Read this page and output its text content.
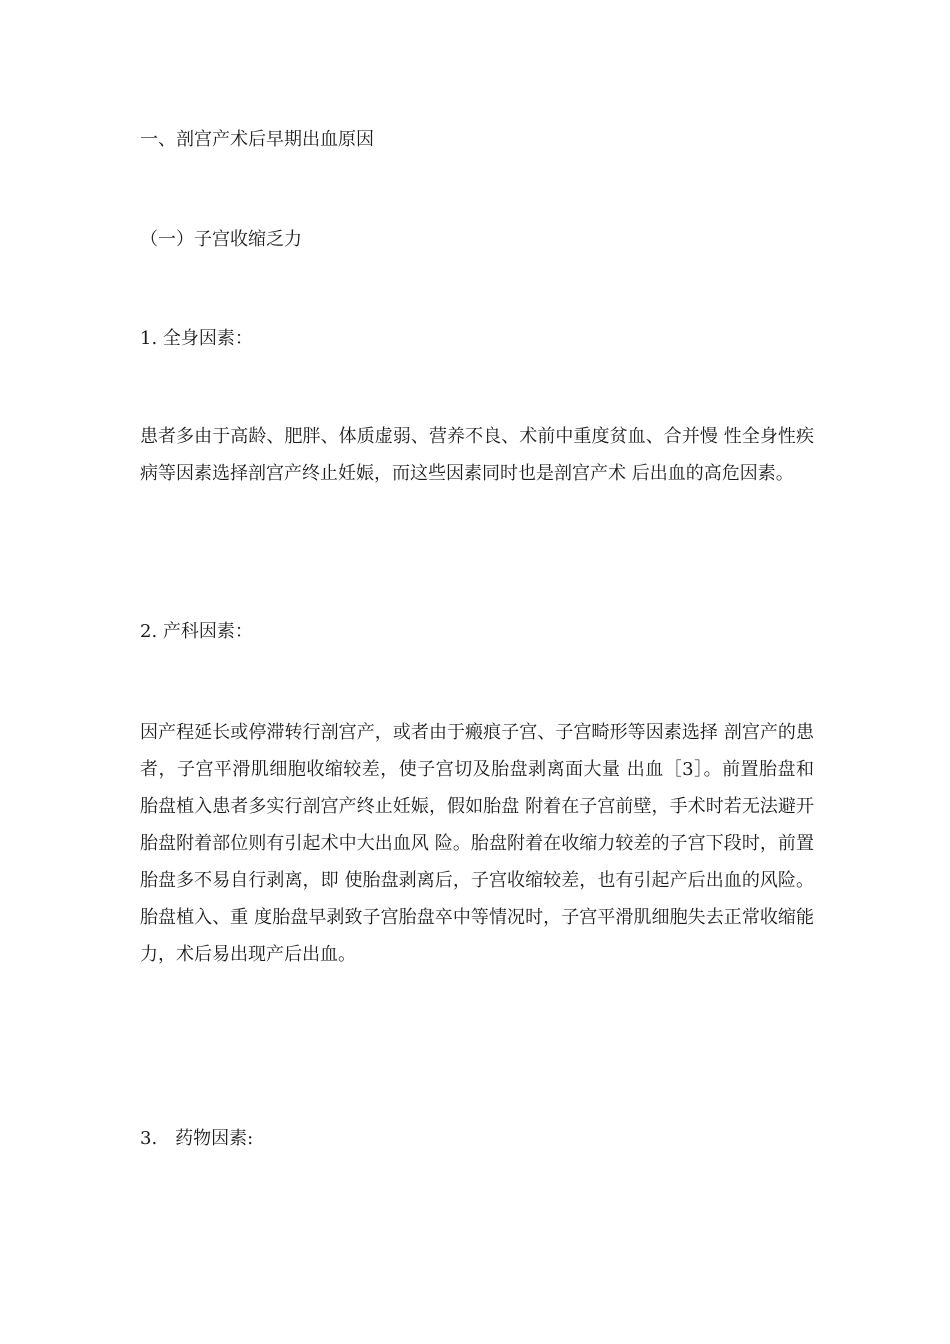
一、剖宫产术后早期出血原因
（一）子宫收缩乏力
1. 全身因素：
患者多由于高龄、肥胖、体质虚弱、营养不良、术前中重度贫血、合并慢 性全身性疾病等因素选择剖宫产终止妊娠，而这些因素同时也是剖宫产术 后出血的高危因素。
2. 产科因素：
因产程延长或停滞转行剖宫产，或者由于瘢痕子宫、子宫畸形等因素选择 剖宫产的患者，子宫平滑肌细胞收缩较差，使子宫切及胎盘剥离面大量 出血［3］。前置胎盘和胎盘植入患者多实行剖宫产终止妊娠，假如胎盘 附着在子宫前壁，手术时若无法避开胎盘附着部位则有引起术中大出血风 险。胎盘附着在收缩力较差的子宫下段时，前置胎盘多不易自行剥离，即 使胎盘剥离后，子宫收缩较差，也有引起产后出血的风险。胎盘植入、重 度胎盘早剥致子宫胎盘卒中等情况时，子宫平滑肌细胞失去正常收缩能 力，术后易出现产后出血。
3.　药物因素:
